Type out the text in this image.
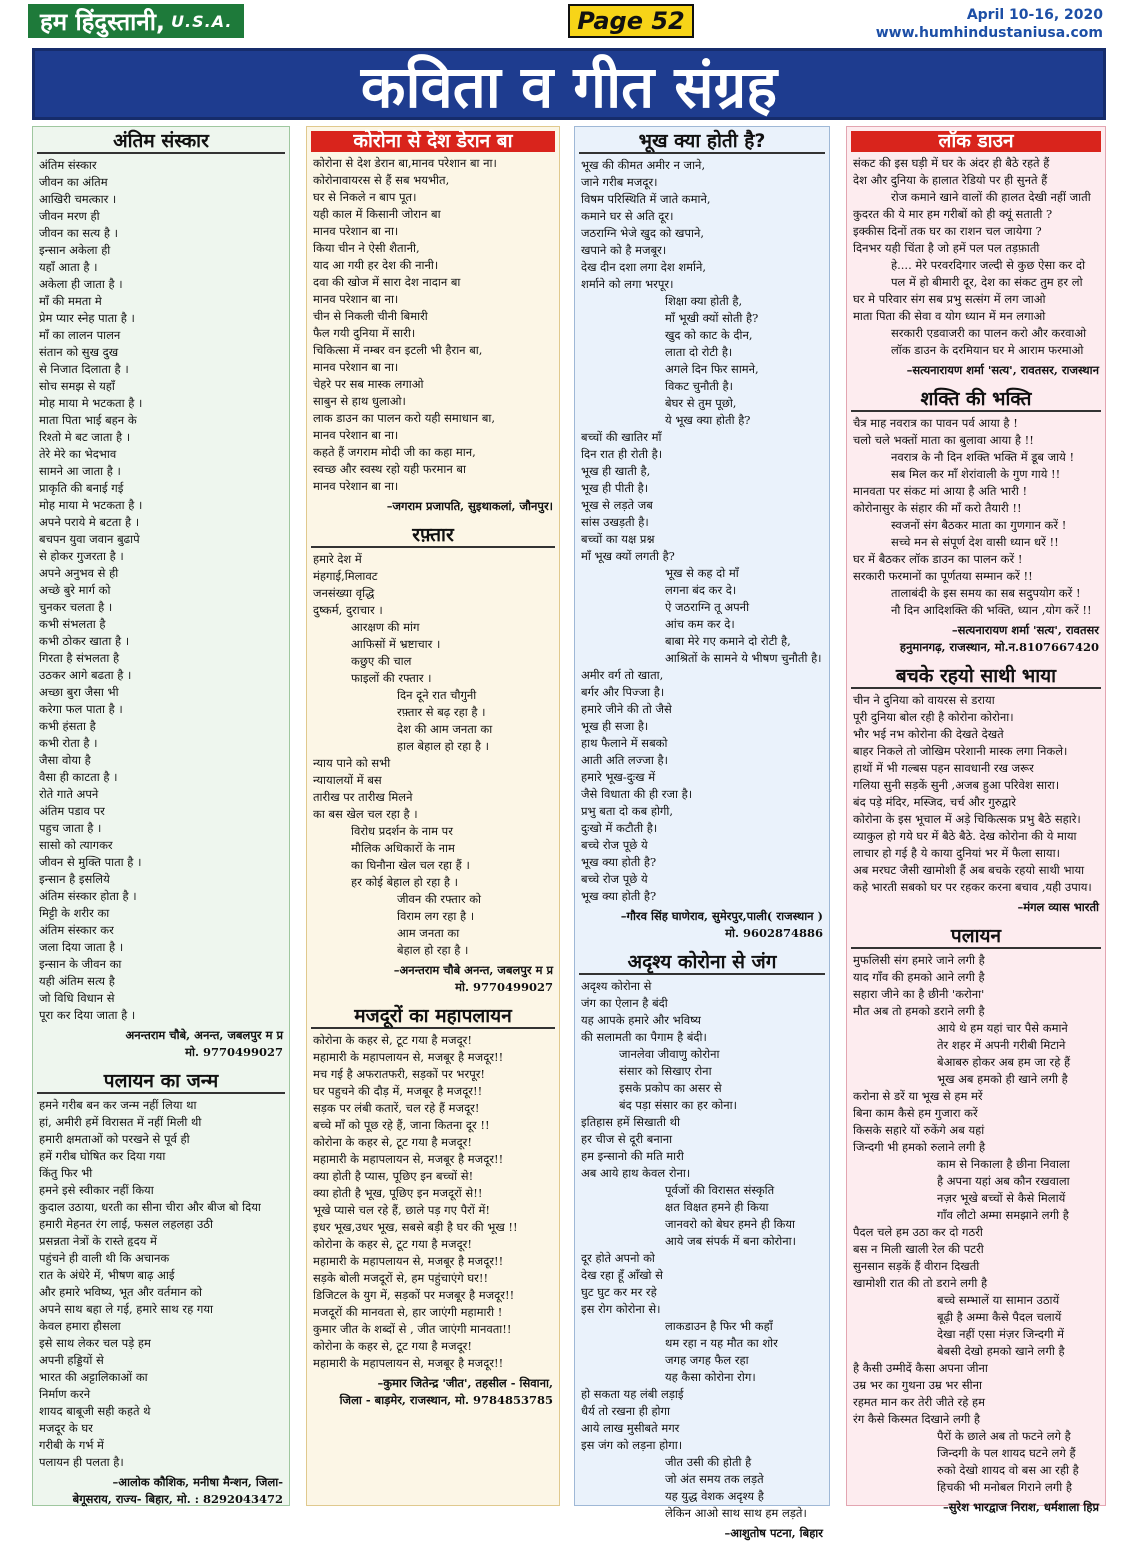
हम हिंदुस्तानी, U.S.A.	Page 52	April 10-16, 2020
www.humhindustaniusa.com
कविता व गीत संग्रह
अंतिम संस्कार
अंतिम संस्कार
जीवन का अंतिम
आखिरी चमत्कार ।
जीवन मरण ही
जीवन का सत्य है ।
इन्सान अकेला ही
यहाँ आता है ।
अकेला ही जाता है ।
माँ की ममता मे
प्रेम प्यार स्नेह पाता है ।
माँ का लालन पालन
संतान को सुख दुख
से निजात दिलाता है ।
सोच समझ से यहाँ
मोह माया मे भटकता है ।
माता पिता भाई बहन के
रिश्तो मे बट जाता है ।
तेरे मेरे का भेदभाव
सामने आ जाता है ।
प्राकृति की बनाई गई
मोह माया मे भटकता है ।
अपने पराये मे बटता है ।
बचपन युवा जवान बुढापे
से होकर गुजरता है ।
अपने अनुभव से ही
अच्छे बुरे मार्ग को
चुनकर चलता है ।
कभी संभलता है
कभी ठोकर खाता है ।
गिरता है संभलता है
उठकर आगे बढता है ।
अच्छा बुरा जैसा भी
करेगा फल पाता है ।
कभी हंसता है
कभी रोता है ।
जैसा वोया है
वैसा ही काटता है ।
रोते गाते अपने
अंतिम पडाव पर
पहुच जाता है ।
सासो को त्यागकर
जीवन से मुक्ति पाता है ।
इन्सान है इसलिये
अंतिम संस्कार होता है ।
मिट्टी के शरीर का
अंतिम संस्कार कर
जला दिया जाता है ।
इन्सान के जीवन का
यही अंतिम सत्य है
जो विधि विधान से
पूरा कर दिया जाता है ।
अनन्तराम चौबे, अनन्त, जबलपुर म प्र
मो. 9770499027
पलायन का जन्म
हमने गरीब बन कर जन्म नहीं लिया था
हां, अमीरी हमें विरासत में नहीं मिली थी
हमारी क्षमताओं को परखने से पूर्व ही
हमें गरीब घोषित कर दिया गया
किंतु फिर भी
हमने इसे स्वीकार नहीं किया
कुदाल उठाया, धरती का सीना चीरा और बीज बो दिया
हमारी मेहनत रंग लाई, फसल लहलहा उठी
प्रसन्नता नेत्रों के रास्ते हृदय में
पहुंचने ही वाली थी कि अचानक
रात के अंधेरे में, भीषण बाढ़ आई
और हमारे भविष्य, भूत और वर्तमान को
अपने साथ बहा ले गई, हमारे साथ रह गया
केवल हमारा हौसला
इसे साथ लेकर चल पड़े हम
अपनी हड्डियों से
भारत की अट्टालिकाओं का
निर्माण करने
शायद बाबूजी सही कहते थे
मजदूर के घर
गरीबी के गर्भ में
पलायन ही पलता है।
–आलोक कौशिक, मनीषा मैन्शन, जिला-
बेगूसराय, राज्य- बिहार, मो. : 8292043472
कोरोना से देश डेरान बा
कोरोना से देश डेरान बा,मानव परेशान बा ना।
कोरोनावायरस से हैं सब भयभीत,
घर से निकले न बाप पूत।
यही काल में किसानी जोरान बा
मानव परेशान बा ना।
किया चीन ने ऐसी शैतानी,
याद आ गयी हर देश की नानी।
दवा की खोज में सारा देश नादान बा
मानव परेशान बा ना।
चीन से निकली चीनी बिमारी
फैल गयी दुनिया में सारी।
चिकित्सा में नम्बर वन इटली भी हैरान बा,
मानव परेशान बा ना।
चेहरे पर सब मास्क लगाओ
साबुन से हाथ धुलाओ।
लाक डाउन का पालन करो यही समाधान बा,
मानव परेशान बा ना।
कहते हैं जगराम मोदी जी का कहा मान,
स्वच्छ और स्वस्थ रहो यही फरमान बा
मानव परेशान बा ना।
–जगराम प्रजापति, सुइथाकलां, जौनपुर।
रफ़्तार
हमारे देश में
मंहगाई,मिलावट
जनसंख्या वृद्धि
दुष्कर्म, दुराचार ।
आरक्षण की मांग
आफिसों में भ्रष्टाचार ।
कछुए की चाल
फाइलों की रफ्तार ।
दिन दूने रात चौगुनी
रफ़्तार से बढ़ रहा है ।
देश की आम जनता का
हाल बेहाल हो रहा है ।
न्याय पाने को सभी
न्यायालयों में बस
तारीख पर तारीख मिलने
का बस खेल चल रहा है ।
विरोध प्रदर्शन के नाम पर
मौलिक अधिकारों के नाम
का घिनौना खेल चल रहा हैं ।
हर कोई बेहाल हो रहा है ।
जीवन की रफ्तार को
विराम लग रहा है ।
आम जनता का
बेहाल हो रहा है ।
–अनन्तराम चौबे अनन्त, जबलपुर म प्र
मो. 9770499027
मजदूरों का महापलायन
कोरोना के कहर से, टूट गया है मजदूर!
महामारी के महापलायन से, मजबूर है मजदूर!!
मच गई है अफरातफरी, सड़कों पर भरपूर!
घर पहुचने की दौड़ में, मजबूर है मजदूर!!
सड़क पर लंबी कतारें, चल रहे हैं मजदूर!
बच्चे माँ को पूछ रहे हैं, जाना कितना दूर !!
कोरोना के कहर से, टूट गया है मजदूर!
महामारी के महापलायन से, मजबूर है मजदूर!!
क्या होती है प्यास, पूछिए इन बच्चों से!
क्या होती है भूख, पूछिए इन मजदूरों से!!
भूखे प्यासे चल रहे हैं, छाले पड़ गए पैरों में!
इधर भूख,उधर भूख, सबसे बड़ी है घर की भूख !!
कोरोना के कहर से, टूट गया है मजदूर!
महामारी के महापलायन से, मजबूर है मजदूर!!
सड़के बोली मजदूरों से, हम पहुंचाएंगे घर!!
डिजिटल के युग में, सड़कों पर मजबूर है मजदूर!!
मजदूरों की मानवता से, हार जाएंगी महामारी !
कुमार जीत के शब्दों से , जीत जाएंगी मानवता!!
कोरोना के कहर से, टूट गया है मजदूर!
महामारी के महापलायन से, मजबूर है मजदूर!!
–कुमार जितेन्द्र 'जीत', तहसील - सिवाना,
जिला - बाड़मेर, राजस्थान, मो. 9784853785
भूख क्या होती है?
भूख की कीमत अमीर न जाने,
जाने गरीब मजदूर।
विषम परिस्थिति में जाते कमाने,
कमाने घर से अति दूर।
जठराग्नि भेजे खुद को खपाने,
खपाने को है मजबूर।
देख दीन दशा लगा देश शर्माने,
शर्माने को लगा भरपूर।
शिक्षा क्या होती है,
माँ भूखी क्यों सोती है?
खुद को काट के दीन,
लाता दो रोटी है।
अगले दिन फिर सामने,
विकट चुनौती है।
बेघर से तुम पूछो,
ये भूख क्या होती है?
बच्चों की खातिर माँ
दिन रात ही रोती है।
भूख ही खाती है,
भूख ही पीती है।
भूख से लड़ते जब
सांस उखड़ती है।
बच्चों का यक्ष प्रश्न
माँ भूख क्यों लगती है?
भूख से कह दो माँ
लगना बंद कर दे।
ऐ जठराग्नि तू अपनी
आंच कम कर दे।
बाबा मेरे गए कमाने दो रोटी है,
आश्रितों के सामने ये भीषण चुनौती है।
अमीर वर्ग तो खाता,
बर्गर और पिज्जा है।
हमारे जीने की तो जैसे
भूख ही सजा है।
हाथ फैलाने में सबको
आती अति लज्जा है।
हमारे भूख-दुःख में
जैसे विधाता की ही रजा है।
प्रभु बता दो कब होगी,
दुःखो में कटौती है।
बच्चे रोज पूछे ये
भूख क्या होती है?
बच्चे रोज पूछे ये
भूख क्या होती है?
–गौरव सिंह घाणेराव, सुमेरपुर,पाली( राजस्थान )
मो. 9602874886
अदृश्य कोरोना से जंग
अदृश्य कोरोना से
जंग का ऐलान है बंदी
यह आपके हमारे और भविष्य
की सलामती का पैगाम है बंदी।
जानलेवा जीवाणु कोरोना
संसार को सिखाए रोना
इसके प्रकोप का असर से
बंद पड़ा संसार का हर कोना।
इतिहास हमें सिखाती थी
हर चीज से दूरी बनाना
हम इन्सानो की मति मारी
अब आये हाथ केवल रोना।
पूर्वजों की विरासत संस्कृति
क्षत विक्षत हमने ही किया
जानवरो को बेघर हमने ही किया
आये जब संपर्क में बना कोरोना।
दूर होते अपनो को
देख रहा हूँ आँखो से
घुट घुट कर मर रहे
इस रोग कोरोना से।
लाकडाउन है फिर भी कहाँ
थम रहा न यह मौत का शोर
जगह जगह फैल रहा
यह कैसा कोरोना रोग।
हो सकता यह लंबी लड़ाई
धैर्य तो रखना ही होगा
आये लाख मुसीबते मगर
इस जंग को लड़ना होगा।
जीत उसी की होती है
जो अंत समय तक लड़ते
यह युद्ध वेशक अदृश्य है
लेकिन आओ साथ साथ हम लड़ते।
–आशुतोष पटना, बिहार
लॉक डाउन
संकट की इस घड़ी में घर के अंदर ही बैठे रहते हैं
देश और दुनिया के हालात रेडियो पर ही सुनते हैं
रोज कमाने खाने वालों की हालत देखी नहीं जाती
कुदरत की ये मार हम गरीबों को ही क्यूं सताती ?
इक्कीस दिनों तक घर का राशन चल जायेगा ?
दिनभर यही चिंता है जो हमें पल पल तड़फ़ाती
हे.... मेरे परवरदिगार जल्दी से कुछ ऐसा कर दो
पल में हो बीमारी दूर, देश का संकट तुम हर लो
घर मे परिवार संग सब प्रभु सत्संग में लग जाओ
माता पिता की सेवा व योग ध्यान में मन लगाओ
सरकारी एडवाजरी का पालन करो और करवाओ
लॉक डाउन के दरमियान घर मे आराम फरमाओ
–सत्यनारायण शर्मा 'सत्य', रावतसर, राजस्थान
शक्ति की भक्ति
चैत्र माह नवरात्र का पावन पर्व आया है !
चलो चले भक्तों माता का बुलावा आया है !!
नवरात्र के नौ दिन शक्ति भक्ति में डूब जाये !
सब मिल कर माँ शेरांवाली के गुण गाये !!
मानवता पर संकट मां आया है अति भारी !
कोरोनासुर के संहार की माँ करो तैयारी !!
स्वजनों संग बैठकर माता का गुणगान करें !
सच्चे मन से संपूर्ण देश वासी ध्यान धरें !!
घर में बैठकर लॉक डाउन का पालन करें !
सरकारी फरमानों का पूर्णतया सम्मान करें !!
तालाबंदी के इस समय का सब सदुपयोग करें !
नौ दिन आदिशक्ति की भक्ति, ध्यान ,योग करें !!
–सत्यनारायण शर्मा 'सत्य', रावतसर
हनुमानगढ़, राजस्थान, मो.न.8107667420
बचके रहयो साथी भाया
चीन ने दुनिया को वायरस से डराया
पूरी दुनिया बोल रही है कोरोना कोरोना।
भौर भई नभ कोरोना की देखते देखते
बाहर निकले तो जोखिम परेशानी मास्क लगा निकले।
हाथों में भी गल्बस पहन सावधानी रख जरूर
गलिया सुनी सड़कें सुनी ,अजब हुआ परिवेश सारा।
बंद पड़े मंदिर, मस्जिद, चर्च और गुरुद्वारे
कोरोना के इस भूचाल में अड़े चिकित्सक प्रभु बैठे सहारे।
व्याकुल हो गये घर में बैठे बैठे. देख कोरोना की ये माया
लाचार हो गई है ये काया दुनियां भर में फैला साया।
अब मरघट जैसी खामोशी हैं अब बचके रहयो साथी भाया
कहे भारती सबको घर पर रहकर करना बचाव ,यही उपाय।
–मंगल व्यास भारती
पलायन
मुफलिसी संग हमारे जाने लगी है
याद गाँव की हमको आने लगी है
सहारा जीने का है छीनी 'करोना'
मौत अब तो हमको डराने लगी है
आये थे हम यहां चार पैसे कमाने
तेर शहर में अपनी गरीबी मिटाने
बेआबरु होकर अब हम जा रहे हैं
भूख अब हमको ही खाने लगी है
करोना से डरें या भूख से हम मरें
बिना काम कैसे हम गुजारा करें
किसके सहारे यों रुकेंगे अब यहां
जिन्दगी भी हमको रुलाने लगी है
काम से निकाला है छीना निवाला
है अपना यहां अब कौन रखवाला
नज़र भूखे बच्चों से कैसे मिलायें
गाँव लौटो अम्मा समझाने लगी है
पैदल चले हम उठा कर दो गठरी
बस न मिली खाली रेल की पटरी
सुनसान सड़कें हैं वीरान दिखती
खामोशी रात की तो डराने लगी है
बच्चे सम्भालें या सामान उठायें
बूढ़ी है अम्मा कैसे पैदल चलायें
देखा नहीं एसा मंज़र जिन्दगी में
बेबसी देखो हमको खाने लगी है
है कैसी उम्मीदें कैसा अपना जीना
उम्र भर का गुथना उम्र भर सीना
रहमत मान कर तेरी जीते रहे हम
रंग कैसे किस्मत दिखाने लगी है
पैरों के छाले अब तो फटने लगे है
जिन्दगी के पल शायद घटने लगे हैं
रुको देखो शायद वो बस आ रही है
हिचकी भी मनोबल गिराने लगी है
–सुरेश भारद्वाज निराश, धर्मशाला हिप्र
